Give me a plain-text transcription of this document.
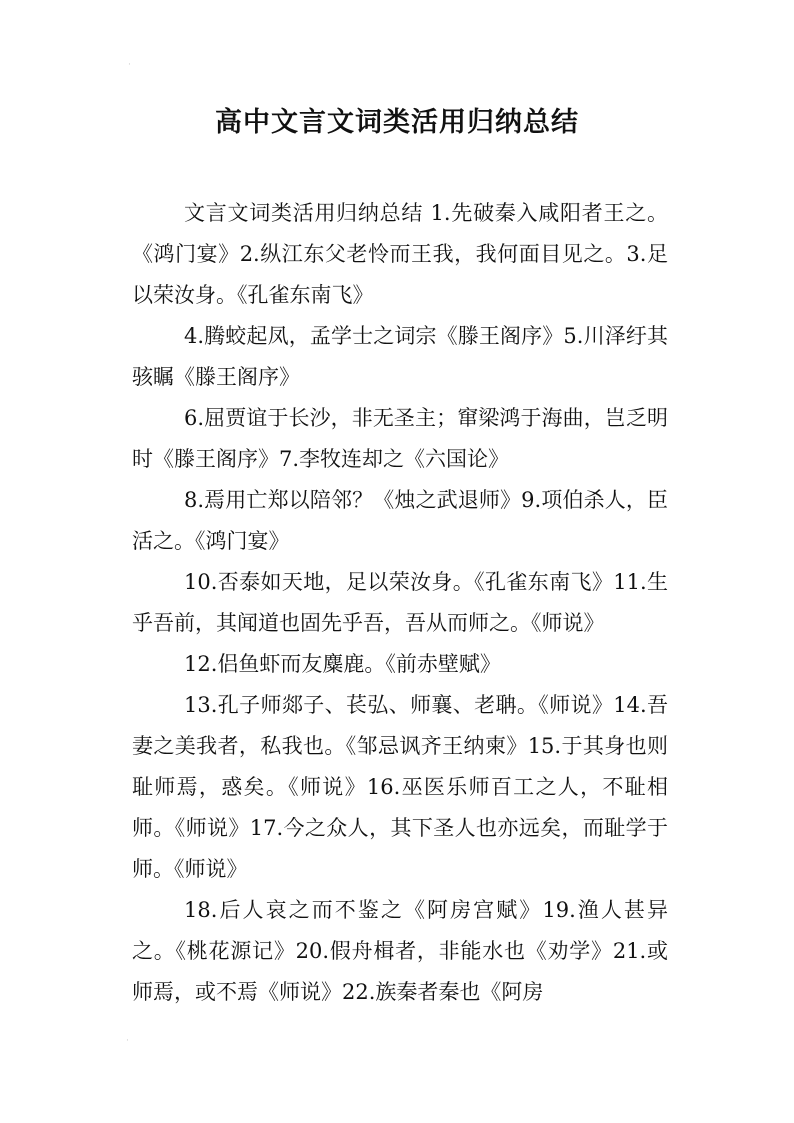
·
高中文言文词类活用归纳总结

文言文词类活用归纳总结 1.先破秦入咸阳者王之。《鸿门宴》2.纵江东父老怜而王我，我何面目见之。3.足以荣汝身。《孔雀东南飞》

4.腾蛟起凤，孟学士之词宗《滕王阁序》5.川泽纡其骇瞩《滕王阁序》

6.屈贾谊于长沙，非无圣主；窜梁鸿于海曲，岂乏明时《滕王阁序》7.李牧连却之《六国论》

8.焉用亡郑以陪邻？《烛之武退师》9.项伯杀人，臣活之。《鸿门宴》

10.否泰如天地，足以荣汝身。《孔雀东南飞》11.生乎吾前，其闻道也固先乎吾，吾从而师之。《师说》

12.侣鱼虾而友麋鹿。《前赤壁赋》

13.孔子师郯子、苌弘、师襄、老聃。《师说》14.吾妻之美我者，私我也。《邹忌讽齐王纳柬》15.于其身也则耻师焉，惑矣。《师说》16.巫医乐师百工之人，不耻相师。《师说》17.今之众人，其下圣人也亦远矣，而耻学于师。《师说》

18.后人哀之而不鉴之《阿房宫赋》19.渔人甚异之。《桃花源记》20.假舟楫者，非能水也《劝学》21.或师焉，或不焉《师说》22.族秦者秦也《阿房

·
